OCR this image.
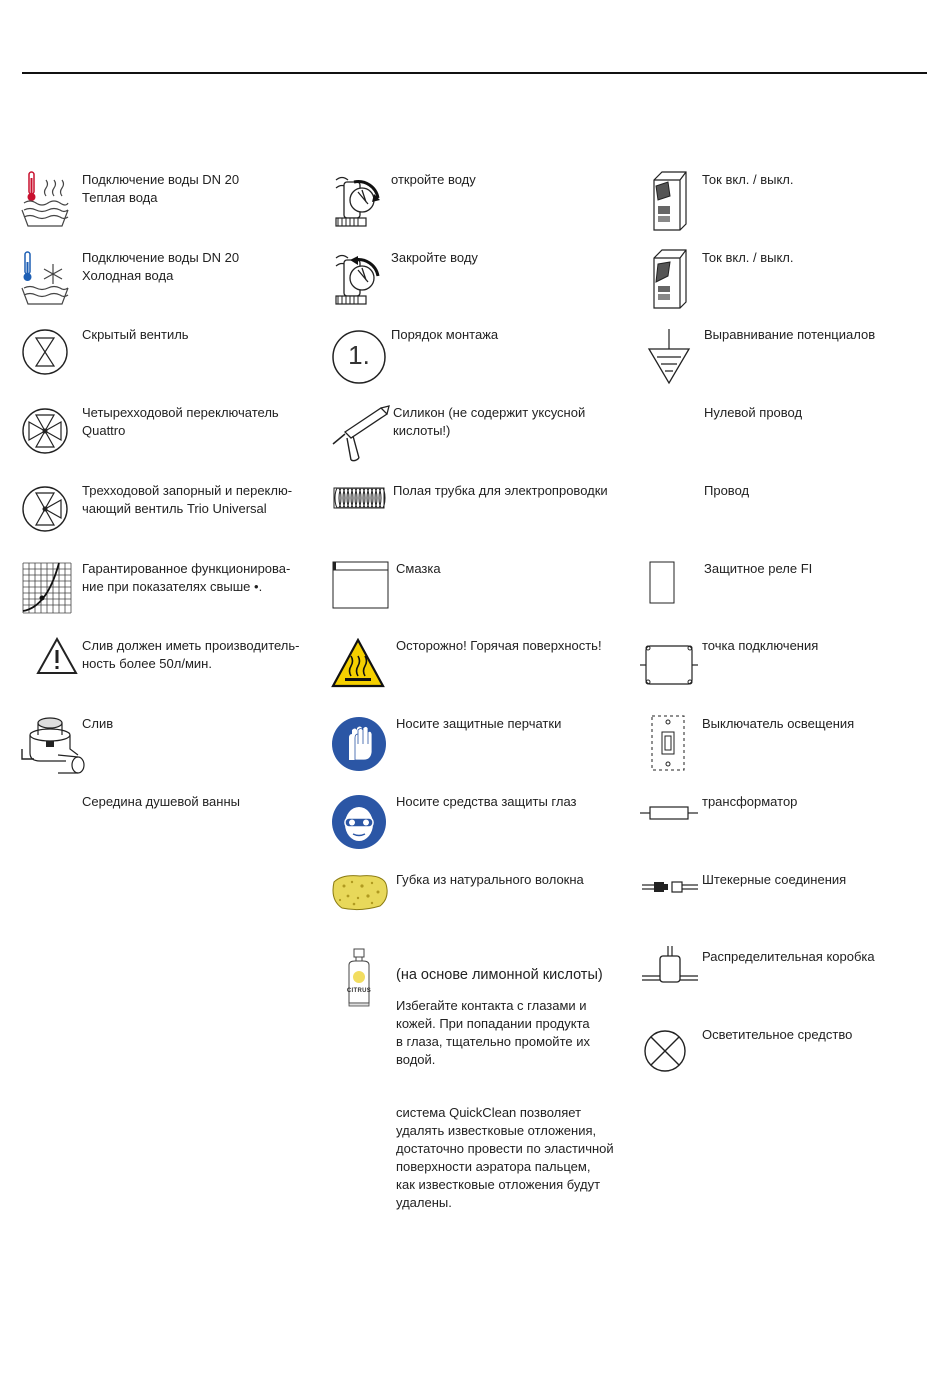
Подключение воды DN 20
Теплая вода
Подключение воды DN 20
Холодная вода
Скрытый вентиль
Четырехходовой переключатель
Quattro
Трехходовой запорный и переклю-
чающий вентиль Trio Universal
Гарантированное функционирова-
ние при показателях свыше •.
Слив должен иметь производитель-
ность более 50л/мин.
Слив
Середина душевой ванны
откройте воду
Закройте воду
1.
Порядок монтажа
Силикон (не содержит уксусной
кислоты!)
Полая трубка для электропроводки
Смазка
Осторожно! Горячая поверхность!
Носите защитные перчатки
Носите средства защиты глаз
Губка из натурального волокна
CITRUS
(на основе лимонной кислоты)
Избегайте контакта с глазами и
кожей. При попадании продукта
в глаза, тщательно промойте их
водой.
система QuickClean позволяет
удалять известковые отложения,
достаточно провести по эластичной
поверхности аэратора пальцем,
как известковые отложения будут
удалены.
Ток вкл. / выкл.
Ток вкл. / выкл.
Выравнивание потенциалов
Нулевой провод
Провод
Защитное реле FI
точка подключения
Выключатель освещения
трансформатор
Штекерные соединения
Распределительная коробка
Осветительное средство
